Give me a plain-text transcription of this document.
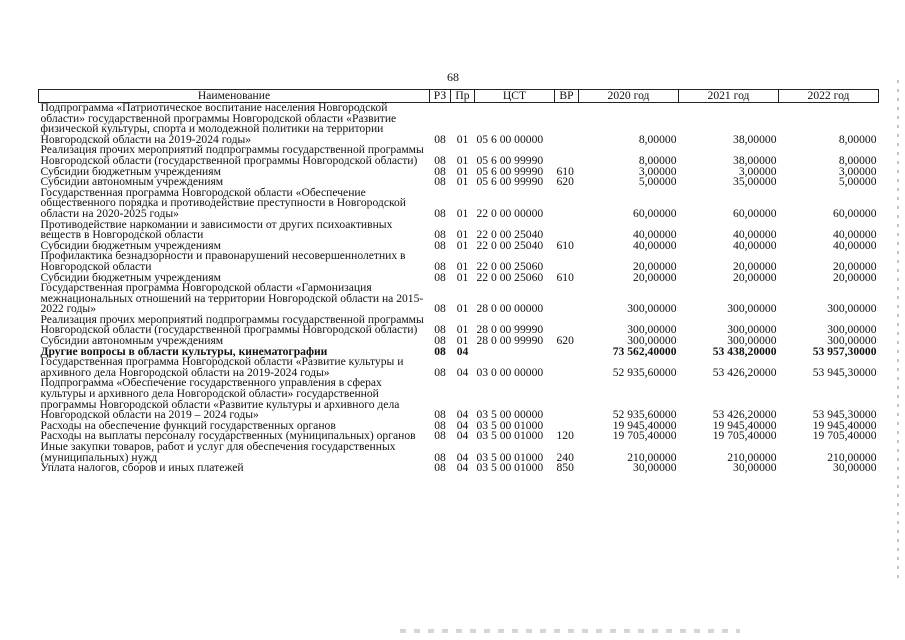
68
Наименование	РЗ	Пр	ЦСТ	ВР	2020 год	2021 год	2022 год
Подпрограмма «Патриотическое воспитание населения Новгородской области» государственной программы Новгородской области «Развитие физической культуры, спорта и молодежной политики на территории Новгородской области на 2019-2024 годы»	08	01	05 6 00 00000		8,00000	38,00000	8,00000
Реализация прочих мероприятий подпрограммы государственной программы Новгородской области (государственной программы Новгородской области)	08	01	05 6 00 99990		8,00000	38,00000	8,00000
Субсидии бюджетным учреждениям	08	01	05 6 00 99990	610	3,00000	3,00000	3,00000
Субсидии автономным учреждениям	08	01	05 6 00 99990	620	5,00000	35,00000	5,00000
Государственная программа Новгородской области «Обеспечение общественного порядка и противодействие преступности в Новгородской области на 2020-2025 годы»	08	01	22 0 00 00000		60,00000	60,00000	60,00000
Противодействие наркомании и зависимости от других психоактивных веществ в Новгородской области	08	01	22 0 00 25040		40,00000	40,00000	40,00000
Субсидии бюджетным учреждениям	08	01	22 0 00 25040	610	40,00000	40,00000	40,00000
Профилактика безнадзорности и правонарушений несовершеннолетних в Новгородской области	08	01	22 0 00 25060		20,00000	20,00000	20,00000
Субсидии бюджетным учреждениям	08	01	22 0 00 25060	610	20,00000	20,00000	20,00000
Государственная программа Новгородской области «Гармонизация межнациональных отношений на территории Новгородской области на 2015-2022 годы»	08	01	28 0 00 00000		300,00000	300,00000	300,00000
Реализация прочих мероприятий подпрограммы государственной программы Новгородской области (государственной программы Новгородской области)	08	01	28 0 00 99990		300,00000	300,00000	300,00000
Субсидии автономным учреждениям	08	01	28 0 00 99990	620	300,00000	300,00000	300,00000
Другие вопросы в области культуры, кинематографии	08	04			73 562,40000	53 438,20000	53 957,30000
Государственная программа Новгородской области «Развитие культуры и архивного дела Новгородской области на 2019-2024 годы»	08	04	03 0 00 00000		52 935,60000	53 426,20000	53 945,30000
Подпрограмма «Обеспечение государственного управления в сферах культуры и архивного дела Новгородской области» государственной программы Новгородской области «Развитие культуры и архивного дела Новгородской области на 2019 – 2024 годы»	08	04	03 5 00 00000		52 935,60000	53 426,20000	53 945,30000
Расходы на обеспечение функций государственных органов	08	04	03 5 00 01000		19 945,40000	19 945,40000	19 945,40000
Расходы на выплаты персоналу государственных (муниципальных) органов	08	04	03 5 00 01000	120	19 705,40000	19 705,40000	19 705,40000
Иные закупки товаров, работ и услуг для обеспечения государственных (муниципальных) нужд	08	04	03 5 00 01000	240	210,00000	210,00000	210,00000
Уплата налогов, сборов и иных платежей	08	04	03 5 00 01000	850	30,00000	30,00000	30,00000
